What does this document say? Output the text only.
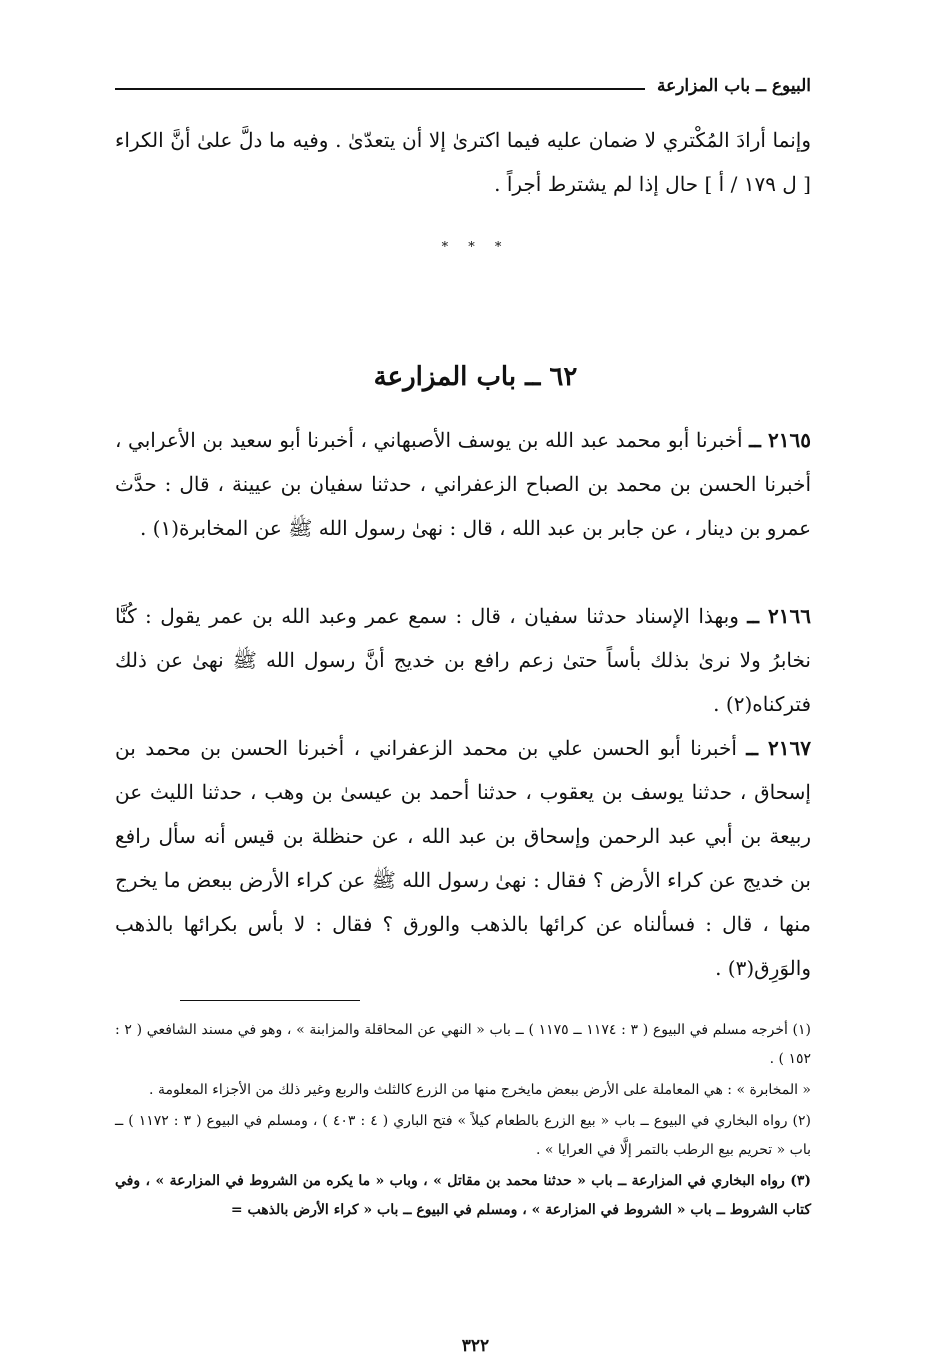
البيوع ــ باب المزارعة
وإنما أرادَ المُكْتري لا ضمان عليه فيما اكترىٰ إلا أن يتعدّىٰ . وفيه ما دلَّ علىٰ أنَّ الكراء [ ل ١٧٩ / أ ] حال إذا لم يشترط أجراً .
* * *
٦٢ ــ باب المزارعة
٢١٦٥ ــ أخبرنا أبو محمد عبد الله بن يوسف الأصبهاني ، أخبرنا أبو سعيد بن الأعرابي ، أخبرنا الحسن بن محمد بن الصباح الزعفراني ، حدثنا سفيان بن عيينة ، قال : حدَّث عمرو بن دينار ، عن جابر بن عبد الله ، قال : نهىٰ رسول الله ﷺ عن المخابرة(١) .
٢١٦٦ ــ وبهذا الإسناد حدثنا سفيان ، قال : سمع عمر وعبد الله بن عمر يقول : كُنَّا نخابرُ ولا نرىٰ بذلك بأساً حتىٰ زعم رافع بن خديج أنَّ رسول الله ﷺ نهىٰ عن ذلك فتركناه(٢) .
٢١٦٧ ــ أخبرنا أبو الحسن علي بن محمد الزعفراني ، أخبرنا الحسن بن محمد بن إسحاق ، حدثنا يوسف بن يعقوب ، حدثنا أحمد بن عيسىٰ بن وهب ، حدثنا الليث عن ربيعة بن أبي عبد الرحمن وإسحاق بن عبد الله ، عن حنظلة بن قيس أنه سأل رافع بن خديج عن كراء الأرض ؟ فقال : نهىٰ رسول الله ﷺ عن كراء الأرض ببعض ما يخرج منها ، قال : فسألناه عن كرائها بالذهب والورق ؟ فقال : لا بأس بكرائها بالذهب والوَرِق(٣) .

(١) أخرجه مسلم في البيوع ( ٣ : ١١٧٤ ــ ١١٧٥ ) ــ باب « النهي عن المحاقلة والمزابنة » ، وهو في مسند الشافعي ( ٢ : ١٥٢ ) .

« المخابرة » : هي المعاملة على الأرض ببعض مايخرج منها من الزرع كالثلث والربع وغير ذلك من الأجزاء المعلومة .

(٢) رواه البخاري في البيوع ــ باب « بيع الزرع بالطعام كيلاً » فتح الباري ( ٤ : ٤٠٣ ) ، ومسلم في البيوع ( ٣ : ١١٧٢ ) ــ باب « تحريم بيع الرطب بالتمر إلَّا في العرايا » .

(٣) رواه البخاري في المزارعة ــ باب « حدثنا محمد بن مقاتل » ، وباب « ما يكره من الشروط في المزارعة » ، وفي كتاب الشروط ــ باب « الشروط في المزارعة » ، ومسلم في البيوع ــ باب « كراء الأرض بالذهب =

٣٢٢
